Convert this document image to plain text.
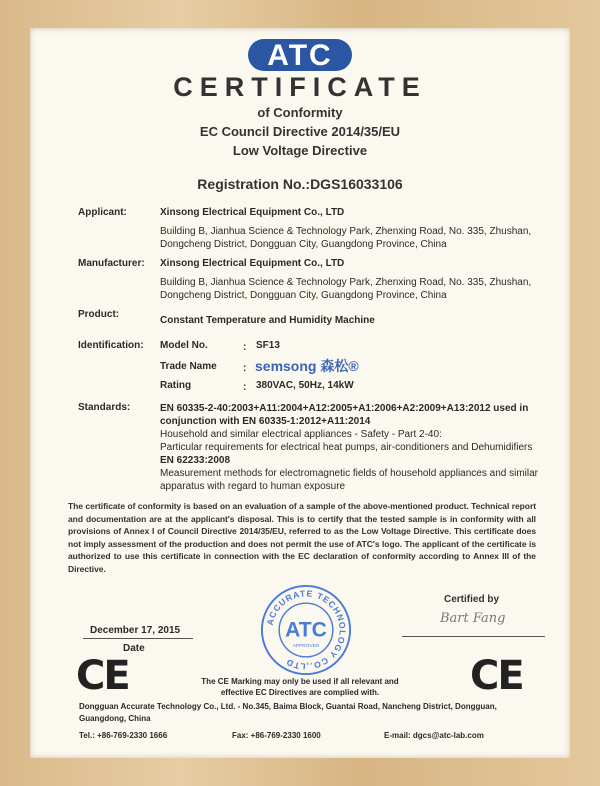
ATC
CERTIFICATE
of Conformity
EC Council Directive 2014/35/EU
Low Voltage Directive
Registration No.:DGS16033106
Applicant:	Xinsong Electrical Equipment Co., LTD
Building B, Jianhua Science & Technology Park, Zhenxing Road, No. 335, Zhushan,
Dongcheng District, Dongguan City, Guangdong Province, China
Manufacturer: Xinsong Electrical Equipment Co., LTD
Building B, Jianhua Science & Technology Park, Zhenxing Road, No. 335, Zhushan,
Dongcheng District, Dongguan City, Guangdong Province, China
Product:
Constant Temperature and Humidity Machine
Identification: Model No.	: SF13
Trade Name	: semsong 森松®
Rating	: 380VAC, 50Hz, 14kW
Standards:	EN 60335-2-40:2003+A11:2004+A12:2005+A1:2006+A2:2009+A13:2012 used in
conjunction with EN 60335-1:2012+A11:2014
Household and similar electrical appliances - Safety - Part 2-40:
Particular requirements for electrical heat pumps, air-conditioners and Dehumidifiers
EN 62233:2008
Measurement methods for electromagnetic fields of household appliances and similar
apparatus with regard to human exposure
The certificate of conformity is based on an evaluation of a sample of the above-mentioned product. Technical report and documentation are at the applicant's disposal. This is to certify that the tested sample is in conformity with all provisions of Annex I of Council Directive 2014/35/EU, referred to as the Low Voltage Directive. This certificate does not imply assessment of the production and does not permit the use of ATC's logo. The applicant of the certificate is authorized to use this certificate in connection with the EC declaration of conformity according to Annex III of the Directive.
Certified by
Bart Fang
December 17, 2015
Date
ACCURATE TECHNOLOGY CO.,LTD
ATC
APPROVED
CE	CE
The CE Marking may only be used if all relevant and
effective EC Directives are complied with.
Dongguan Accurate Technology Co., Ltd. - No.345, Baima Block, Guantai Road, Nancheng District, Dongguan,
Guangdong, China
Tel.: +86-769-2330 1666	Fax: +86-769-2330 1600	E-mail: dgcs@atc-lab.com
